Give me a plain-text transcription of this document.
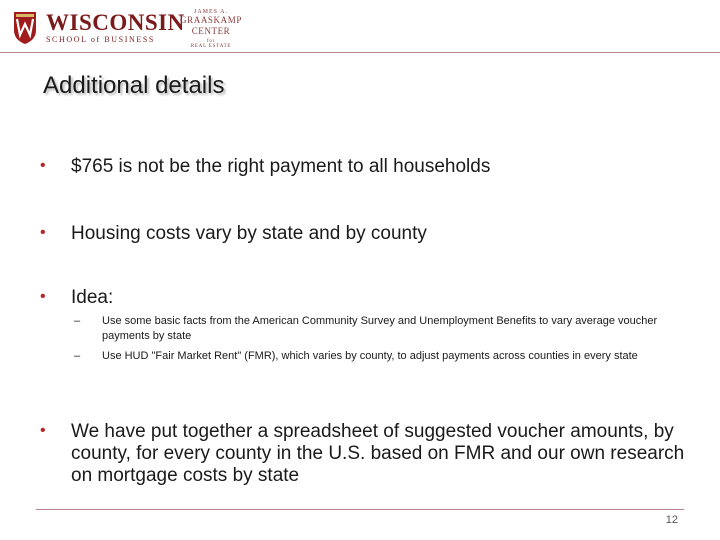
WISCONSIN
SCHOOL of BUSINESS
JAMES A.
GRAASKAMP CENTER
for
REAL ESTATE
Additional details
• $765 is not be the right payment to all households
• Housing costs vary by state and by county
• Idea:
– Use some basic facts from the American Community Survey and Unemployment Benefits to vary average voucher payments by state
– Use HUD "Fair Market Rent" (FMR), which varies by county, to adjust payments across counties in every state
• We have put together a spreadsheet of suggested voucher amounts, by county, for every county in the U.S. based on FMR and our own research on mortgage costs by state
12
